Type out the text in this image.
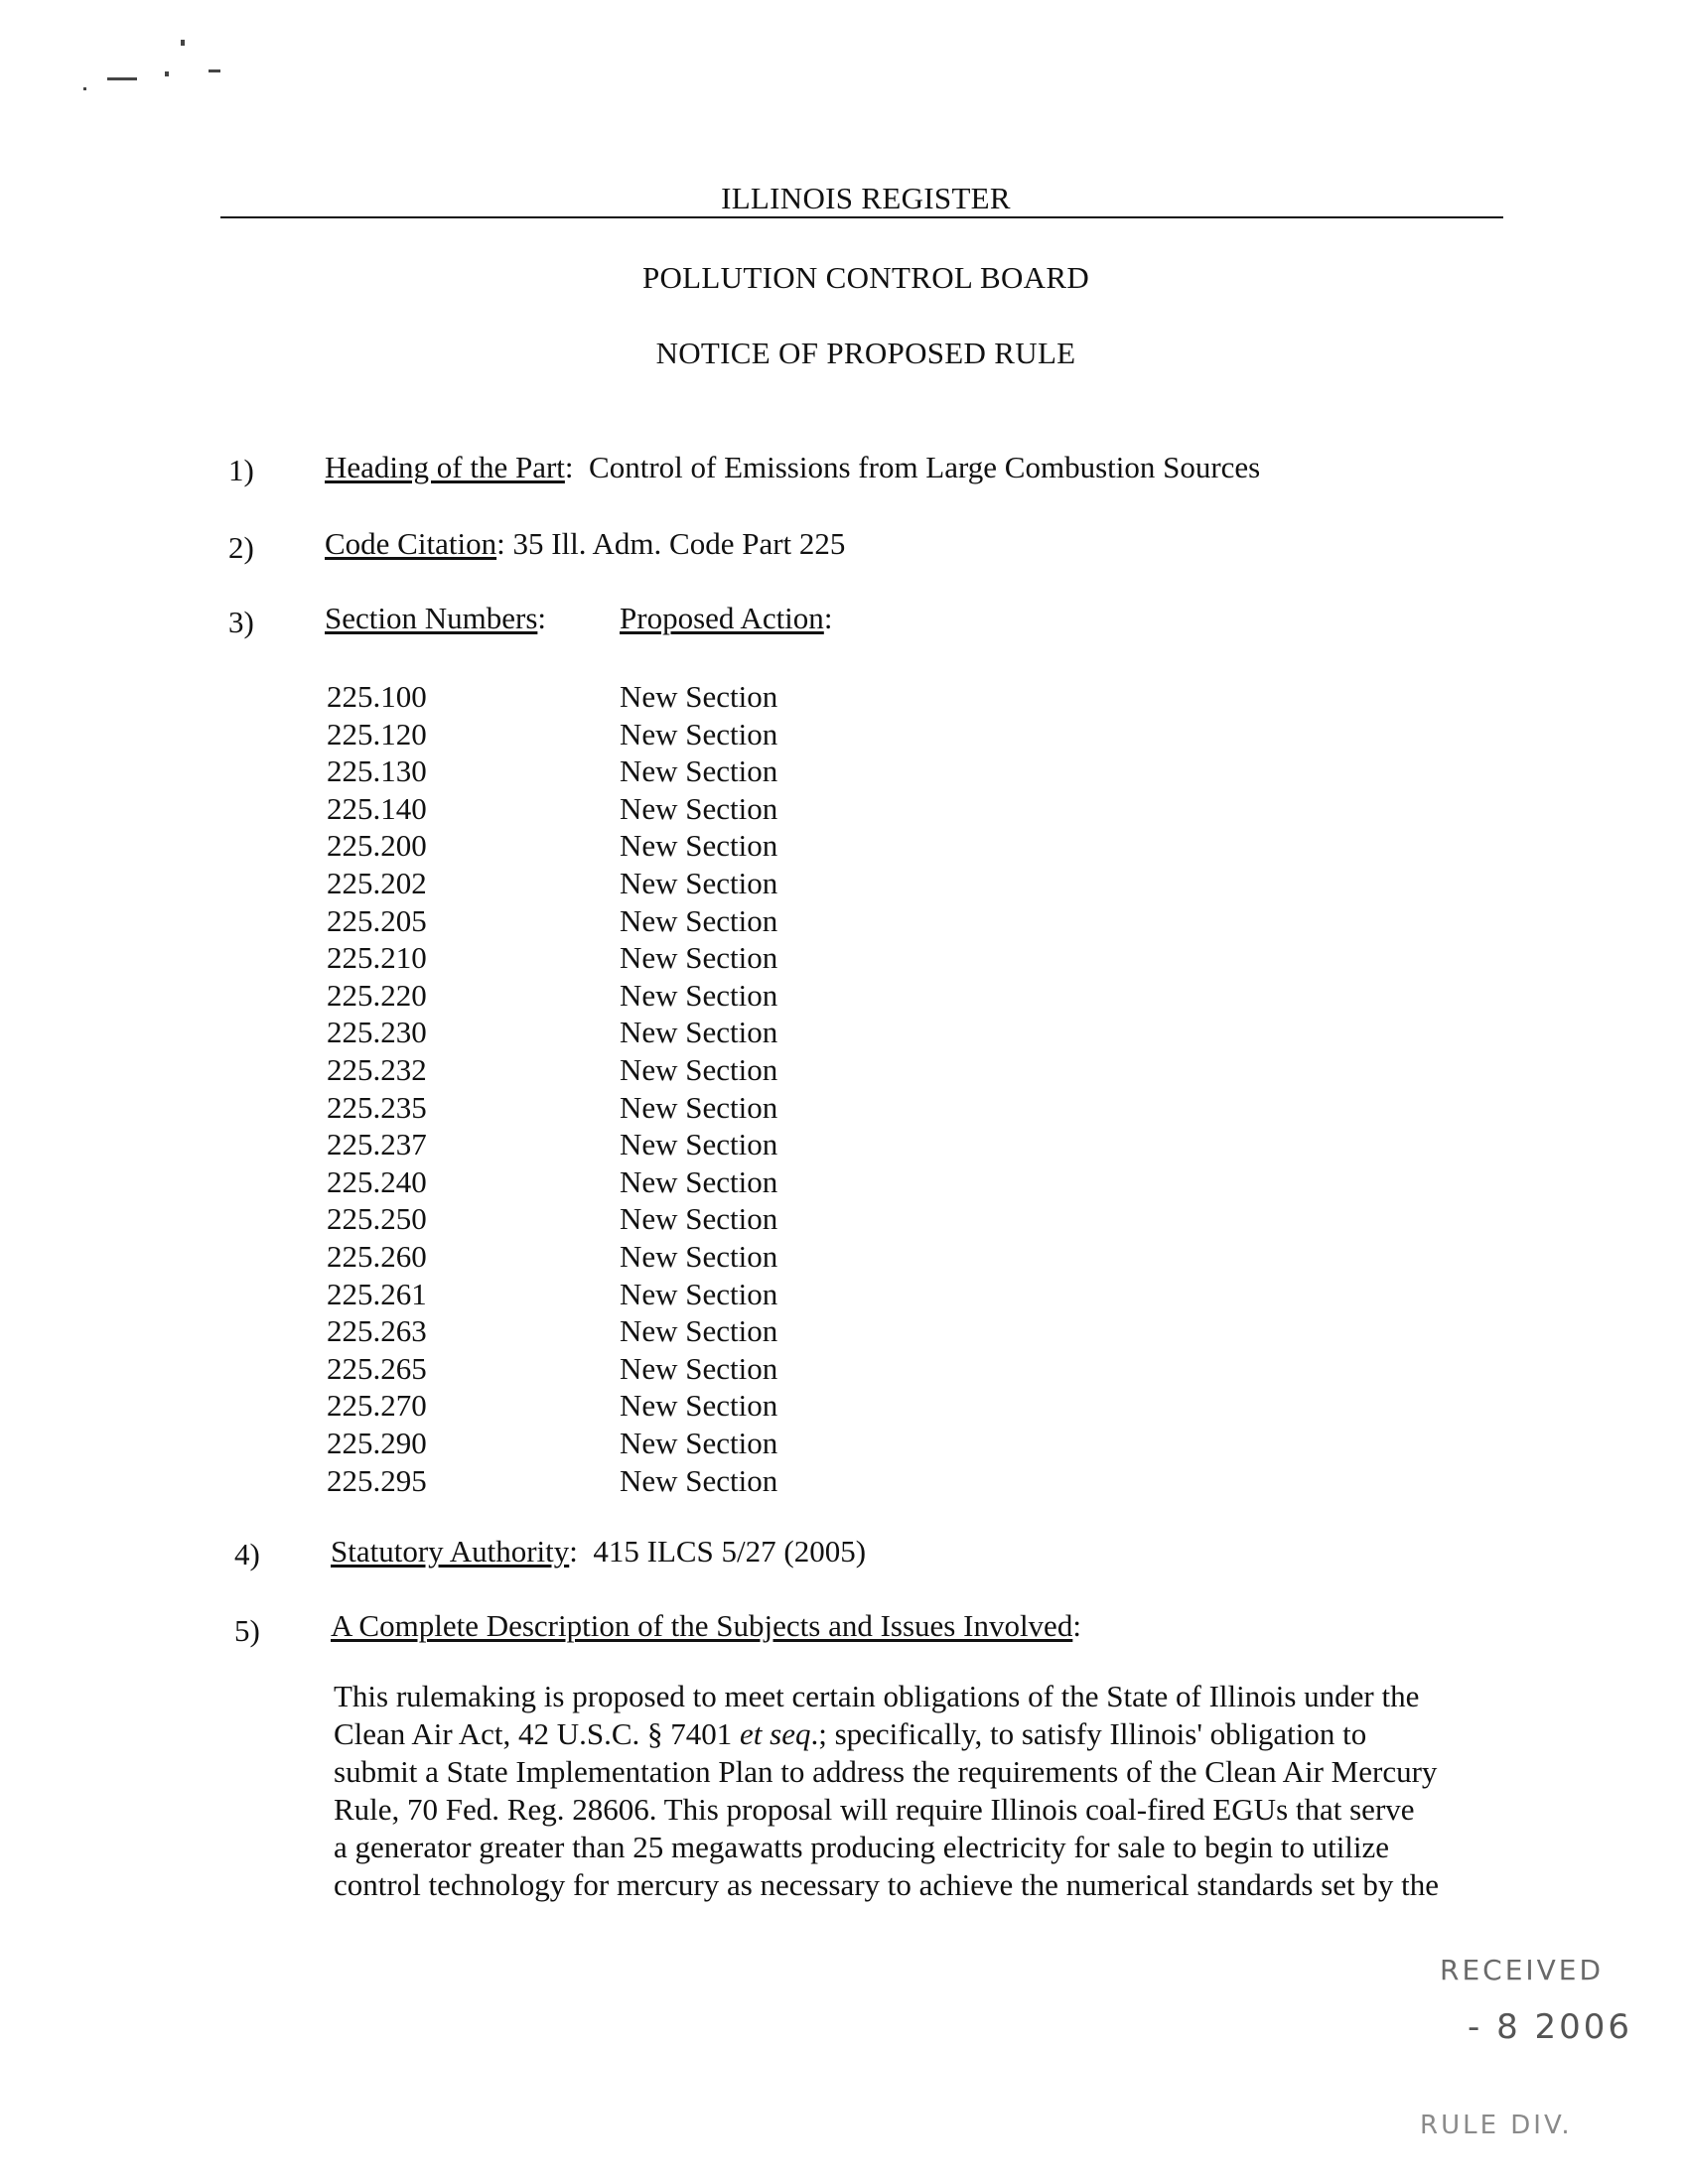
ILLINOIS REGISTER
POLLUTION CONTROL BOARD
NOTICE OF PROPOSED RULE
1) Heading of the Part: Control of Emissions from Large Combustion Sources
2) Code Citation: 35 Ill. Adm. Code Part 225
3) Section Numbers: Proposed Action:
225.100	New Section
225.120	New Section
225.130	New Section
225.140	New Section
225.200	New Section
225.202	New Section
225.205	New Section
225.210	New Section
225.220	New Section
225.230	New Section
225.232	New Section
225.235	New Section
225.237	New Section
225.240	New Section
225.250	New Section
225.260	New Section
225.261	New Section
225.263	New Section
225.265	New Section
225.270	New Section
225.290	New Section
225.295	New Section
4) Statutory Authority: 415 ILCS 5/27 (2005)
5) A Complete Description of the Subjects and Issues Involved:
This rulemaking is proposed to meet certain obligations of the State of Illinois under the
Clean Air Act, 42 U.S.C. § 7401 et seq.; specifically, to satisfy Illinois' obligation to
submit a State Implementation Plan to address the requirements of the Clean Air Mercury
Rule, 70 Fed. Reg. 28606. This proposal will require Illinois coal-fired EGUs that serve
a generator greater than 25 megawatts producing electricity for sale to begin to utilize
control technology for mercury as necessary to achieve the numerical standards set by the
RECEIVED
- 8 2006
RULE DIV.
